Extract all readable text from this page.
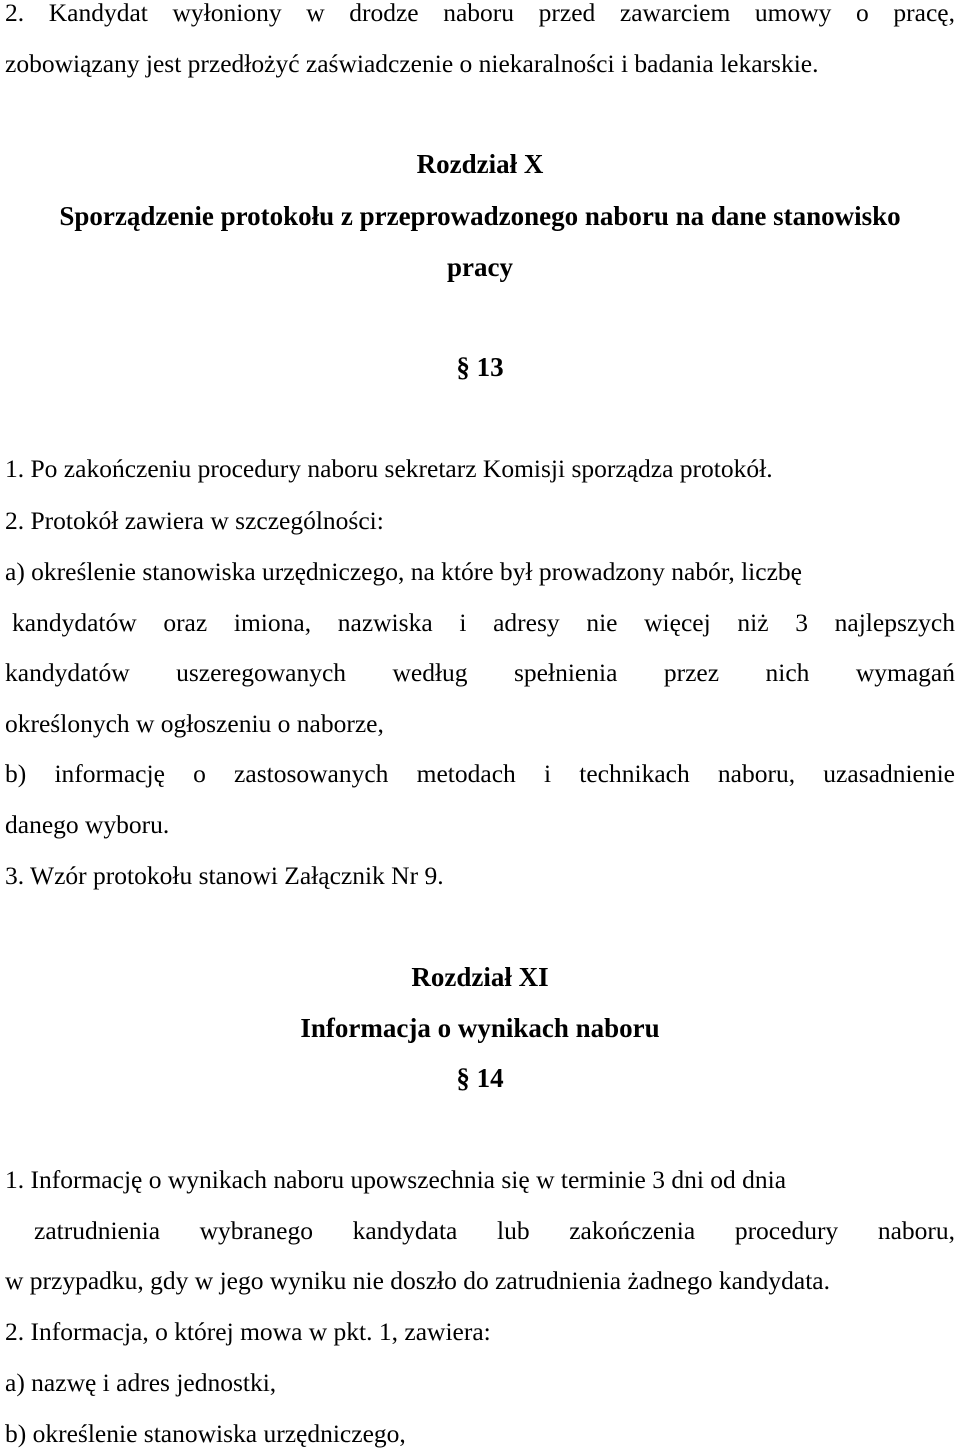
2. Kandydat wyłoniony w drodze naboru przed zawarciem umowy o pracę,
zobowiązany jest przedłożyć zaświadczenie o niekaralności i badania lekarskie.
Rozdział X
Sporządzenie protokołu z przeprowadzonego naboru na dane stanowisko
pracy
§ 13
1. Po zakończeniu procedury naboru sekretarz Komisji sporządza protokół.
2. Protokół zawiera w szczególności:
a) określenie stanowiska urzędniczego, na które był prowadzony nabór, liczbę
kandydatów oraz imiona, nazwiska i adresy nie więcej niż 3 najlepszych
kandydatów uszeregowanych według spełnienia przez nich wymagań
określonych w ogłoszeniu o naborze,
b) informację o zastosowanych metodach i technikach naboru, uzasadnienie
danego wyboru.
3. Wzór protokołu stanowi Załącznik Nr 9.
Rozdział XI
Informacja o wynikach naboru
§ 14
1. Informację o wynikach naboru upowszechnia się w terminie 3 dni od dnia
zatrudnienia wybranego kandydata lub zakończenia procedury naboru,
w przypadku, gdy w jego wyniku nie doszło do zatrudnienia żadnego kandydata.
2. Informacja, o której mowa w pkt. 1, zawiera:
a) nazwę i adres jednostki,
b) określenie stanowiska urzędniczego,
